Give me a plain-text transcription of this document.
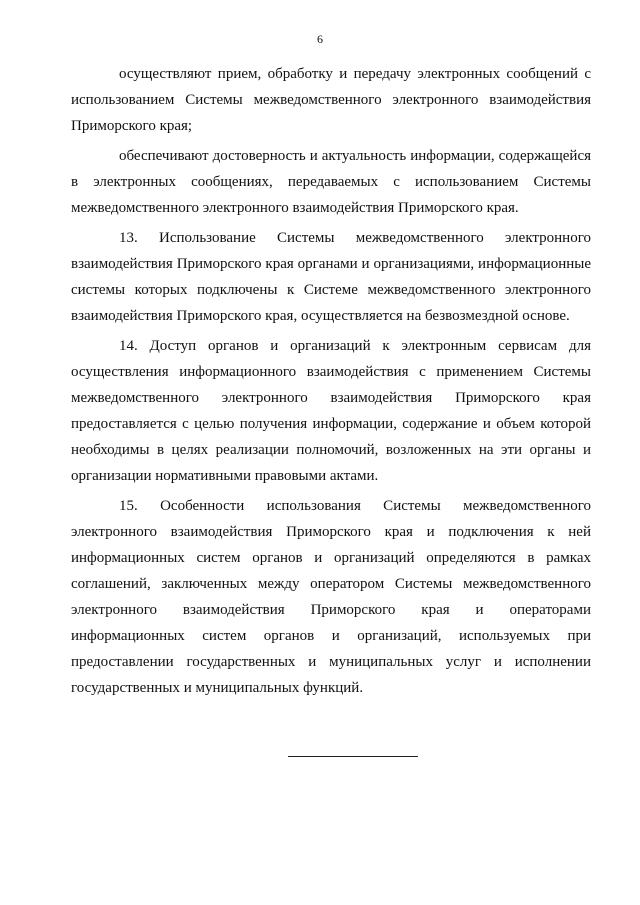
6

осуществляют прием, обработку и передачу электронных сообщений с использованием Системы межведомственного электронного взаимодействия Приморского края;

обеспечивают достоверность и актуальность информации, содержащейся в электронных сообщениях, передаваемых с использованием Системы межведомственного электронного взаимодействия Приморского края.

13. Использование Системы межведомственного электронного взаимодействия Приморского края органами и организациями, информационные системы которых подключены к Системе межведомственного электронного взаимодействия Приморского края, осуществляется на безвозмездной основе.

14. Доступ органов и организаций к электронным сервисам для осуществления информационного взаимодействия с применением Системы межведомственного электронного взаимодействия Приморского края предоставляется с целью получения информации, содержание и объем которой необходимы в целях реализации полномочий, возложенных на эти органы и организации нормативными правовыми актами.

15. Особенности использования Системы межведомственного электронного взаимодействия Приморского края и подключения к ней информационных систем органов и организаций определяются в рамках соглашений, заключенных между оператором Системы межведомственного электронного взаимодействия Приморского края и операторами информационных систем органов и организаций, используемых при предоставлении государственных и муниципальных услуг и исполнении государственных и муниципальных функций.
